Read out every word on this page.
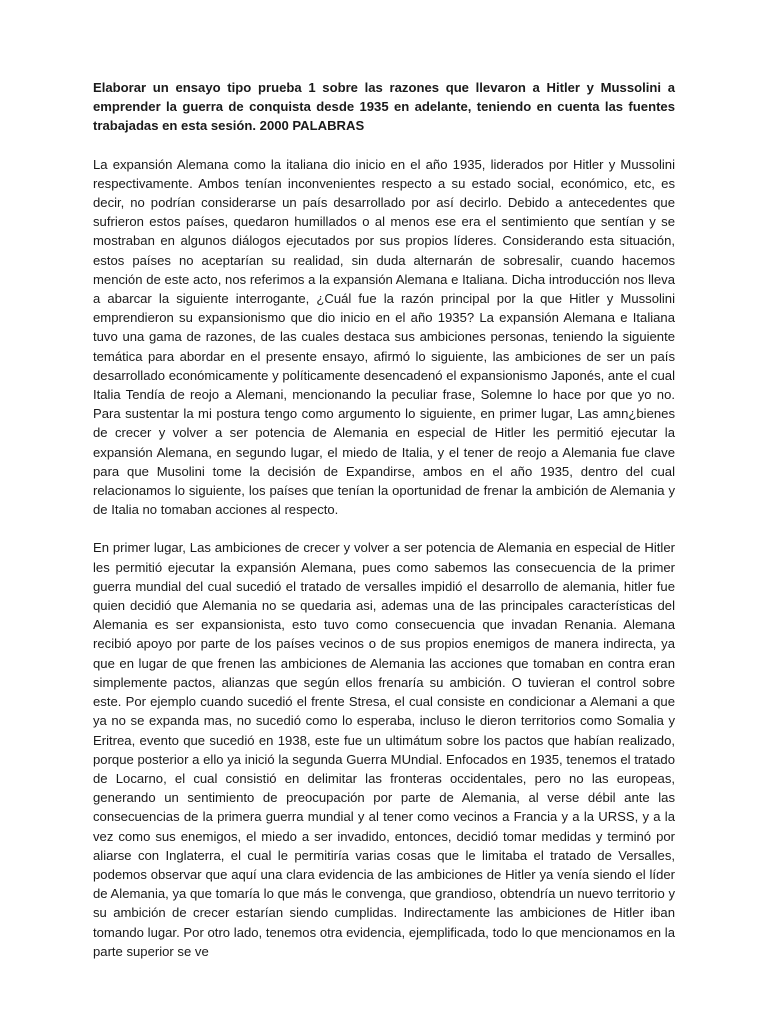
Elaborar un ensayo tipo prueba 1 sobre las razones que llevaron a Hitler y Mussolini a emprender la guerra de conquista desde 1935 en adelante, teniendo en cuenta las fuentes trabajadas en esta sesión. 2000 PALABRAS

La expansión Alemana como la italiana dio inicio en el año 1935, liderados por Hitler y Mussolini respectivamente. Ambos tenían inconvenientes respecto a su estado social, económico, etc, es decir, no podrían considerarse un país desarrollado por así decirlo. Debido a antecedentes que sufrieron estos países, quedaron humillados o al menos ese era el sentimiento que sentían y se mostraban en algunos diálogos ejecutados por sus propios líderes. Considerando esta situación, estos países no aceptarían su realidad, sin duda alternarán de sobresalir, cuando hacemos mención de este acto, nos referimos a la expansión Alemana e Italiana. Dicha introducción nos lleva a abarcar la siguiente interrogante, ¿Cuál fue la razón principal por la que Hitler y Mussolini emprendieron su expansionismo que dio inicio en el año 1935? La expansión Alemana e Italiana tuvo una gama de razones, de las cuales destaca sus ambiciones personas, teniendo la siguiente temática para abordar en el presente ensayo, afirmó lo siguiente, las ambiciones de ser un país desarrollado económicamente y políticamente desencadenó el expansionismo Japonés, ante el cual Italia Tendía de reojo a Alemani, mencionando la peculiar frase, Solemne lo hace por que yo no. Para sustentar la mi postura tengo como argumento lo siguiente, en primer lugar, Las amn¿bienes de crecer y volver a ser potencia de Alemania en especial de Hitler les permitió ejecutar la expansión Alemana, en segundo lugar, el miedo de Italia, y el tener de reojo a Alemania fue clave para que Musolini tome la decisión de Expandirse, ambos en el año 1935, dentro del cual relacionamos lo siguiente, los países que tenían la oportunidad de frenar la ambición de Alemania y de Italia no tomaban acciones al respecto.

En primer lugar, Las ambiciones de crecer y volver a ser potencia de Alemania en especial de Hitler les permitió ejecutar la expansión Alemana, pues como sabemos las consecuencia de la primer guerra mundial del cual sucedió el tratado de versalles impidió el desarrollo de alemania, hitler fue quien decidió que Alemania no se quedaria asi, ademas una de las principales características del Alemania es ser expansionista, esto tuvo como consecuencia que invadan Renania. Alemana recibió apoyo por parte de los países vecinos o de sus propios enemigos de manera indirecta, ya que en lugar de que frenen las ambiciones de Alemania las acciones que tomaban en contra eran simplemente pactos, alianzas que según ellos frenaría su ambición. O tuvieran el control sobre este. Por ejemplo cuando sucedió el frente Stresa, el cual consiste en condicionar a Alemani a que ya no se expanda mas, no sucedió como lo esperaba, incluso le dieron territorios como Somalia y Eritrea, evento que sucedió en 1938, este fue un ultimátum sobre los pactos que habían realizado, porque posterior a ello ya inició la segunda Guerra MUndial. Enfocados en 1935, tenemos el tratado de Locarno, el cual consistió en delimitar las fronteras occidentales, pero no las europeas, generando un sentimiento de preocupación por parte de Alemania, al verse débil ante las consecuencias de la primera guerra mundial y al tener como vecinos a Francia y a la URSS, y a la vez como sus enemigos, el miedo a ser invadido, entonces, decidió tomar medidas y terminó por aliarse con Inglaterra, el cual le permitiría varias cosas que le limitaba el tratado de Versalles, podemos observar que aquí una clara evidencia de las ambiciones de Hitler ya venía siendo el líder de Alemania, ya que tomaría lo que más le convenga, que grandioso, obtendría un nuevo territorio y su ambición de crecer estarían siendo cumplidas. Indirectamente las ambiciones de Hitler iban tomando lugar. Por otro lado, tenemos otra evidencia, ejemplificada, todo lo que mencionamos en la parte superior se ve
